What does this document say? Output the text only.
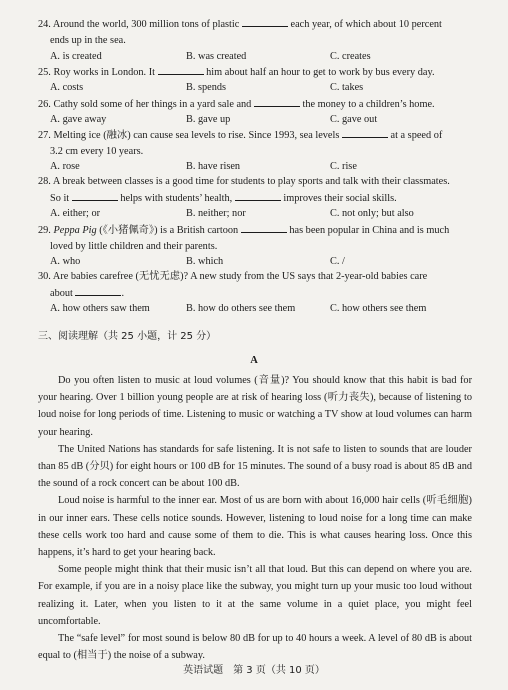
24. Around the world, 300 million tons of plastic	each year, of which about 10 percent
ends up in the sea.
A. is created	B. was created	C. creates
25. Roy works in London. It	him about half an hour to get to work by bus every day.
A. costs	B. spends	C. takes
26. Cathy sold some of her things in a yard sale and	the money to a children’s home.
A. gave away	B. gave up	C. gave out
27. Melting ice (融冰) can cause sea levels to rise. Since 1993, sea levels	at a speed of
3.2 cm every 10 years.
A. rose	B. have risen	C. rise
28. A break between classes is a good time for students to play sports and talk with their classmates.
So it	helps with students’ health,	improves their social skills.
A. either; or	B. neither; nor	C. not only; but also
29. Peppa Pig (《小猪佩奇》) is a British cartoon	has been popular in China and is much
loved by little children and their parents.
A. who	B. which	C. /
30. Are babies carefree (无忧无虑)? A new study from the US says that 2-year-old babies care
about	.
A. how others saw them	B. how do others see them	C. how others see them
三、阅读理解（共 25 小题，计 25 分）
A

Do you often listen to music at loud volumes (音量)? You should know that this habit is bad for your hearing. Over 1 billion young people are at risk of hearing loss (听力丧失), because of listening to loud noise for long periods of time. Listening to music or watching a TV show at loud volumes can harm your hearing.

The United Nations has standards for safe listening. It is not safe to listen to sounds that are louder than 85 dB (分贝) for eight hours or 100 dB for 15 minutes. The sound of a busy road is about 85 dB and the sound of a rock concert can be about 100 dB.

Loud noise is harmful to the inner ear. Most of us are born with about 16,000 hair cells (听毛细胞) in our inner ears. These cells notice sounds. However, listening to loud noise for a long time can make these cells work too hard and cause some of them to die. This is what causes hearing loss. Once this happens, it’s hard to get your hearing back.

Some people might think that their music isn’t all that loud. But this can depend on where you are. For example, if you are in a noisy place like the subway, you might turn up your music too loud without realizing it. Later, when you listen to it at the same volume in a quiet place, you might feel uncomfortable.

The “safe level” for most sound is below 80 dB for up to 40 hours a week. A level of 80 dB is about equal to (相当于) the noise of a subway.

英语试题　第 3 页（共 10 页）
